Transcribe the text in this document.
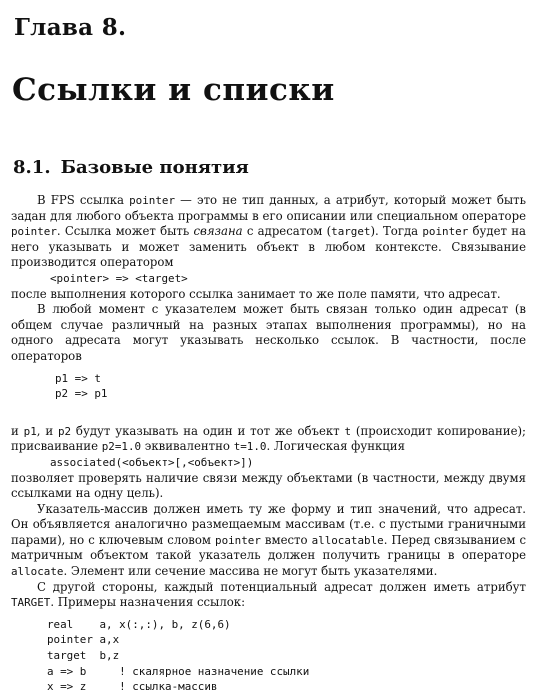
Глава 8.
Ссылки и списки
8.1. Базовые понятия

В FPS ссылка pointer — это не тип данных, а атрибут, который может быть задан для любого объекта программы в его описании или специальном операторе pointer. Ссылка может быть связана с адресатом (target). Тогда pointer будет на него указывать и может заменить объект в любом контексте. Связывание производится оператором

<pointer> => <target>

после выполнения которого ссылка занимает то же поле памяти, что адресат.

В любой момент с указателем может быть связан только один адресат (в общем случае различный на разных этапах выполнения программы), но на одного адресата могут указывать несколько ссылок. В частности, после операторов

p1 => t
p2 => p1

и p1, и p2 будут указывать на один и тот же объект t (происходит копирование); присваивание p2=1.0 эквивалентно t=1.0. Логическая функция

associated(<объект>[,<объект>])

позволяет проверять наличие связи между объектами (в частности, между двумя ссылками на одну цель).

Указатель-массив должен иметь ту же форму и тип значений, что адресат. Он объявляется аналогично размещаемым массивам (т.е. с пустыми граничными парами), но с ключевым словом pointer вместо allocatable. Перед связыванием с матричным объектом такой указатель должен получить границы в операторе allocate. Элемент или сечение массива не могут быть указателями.

С другой стороны, каждый потенциальный адресат должен иметь атрибут TARGET. Примеры назначения ссылок:

real    a, x(:,:), b, z(6,6)
pointer a,x
target  b,z
a => b     ! скалярное назначение ссылки
x => z     ! ссылка-массив
